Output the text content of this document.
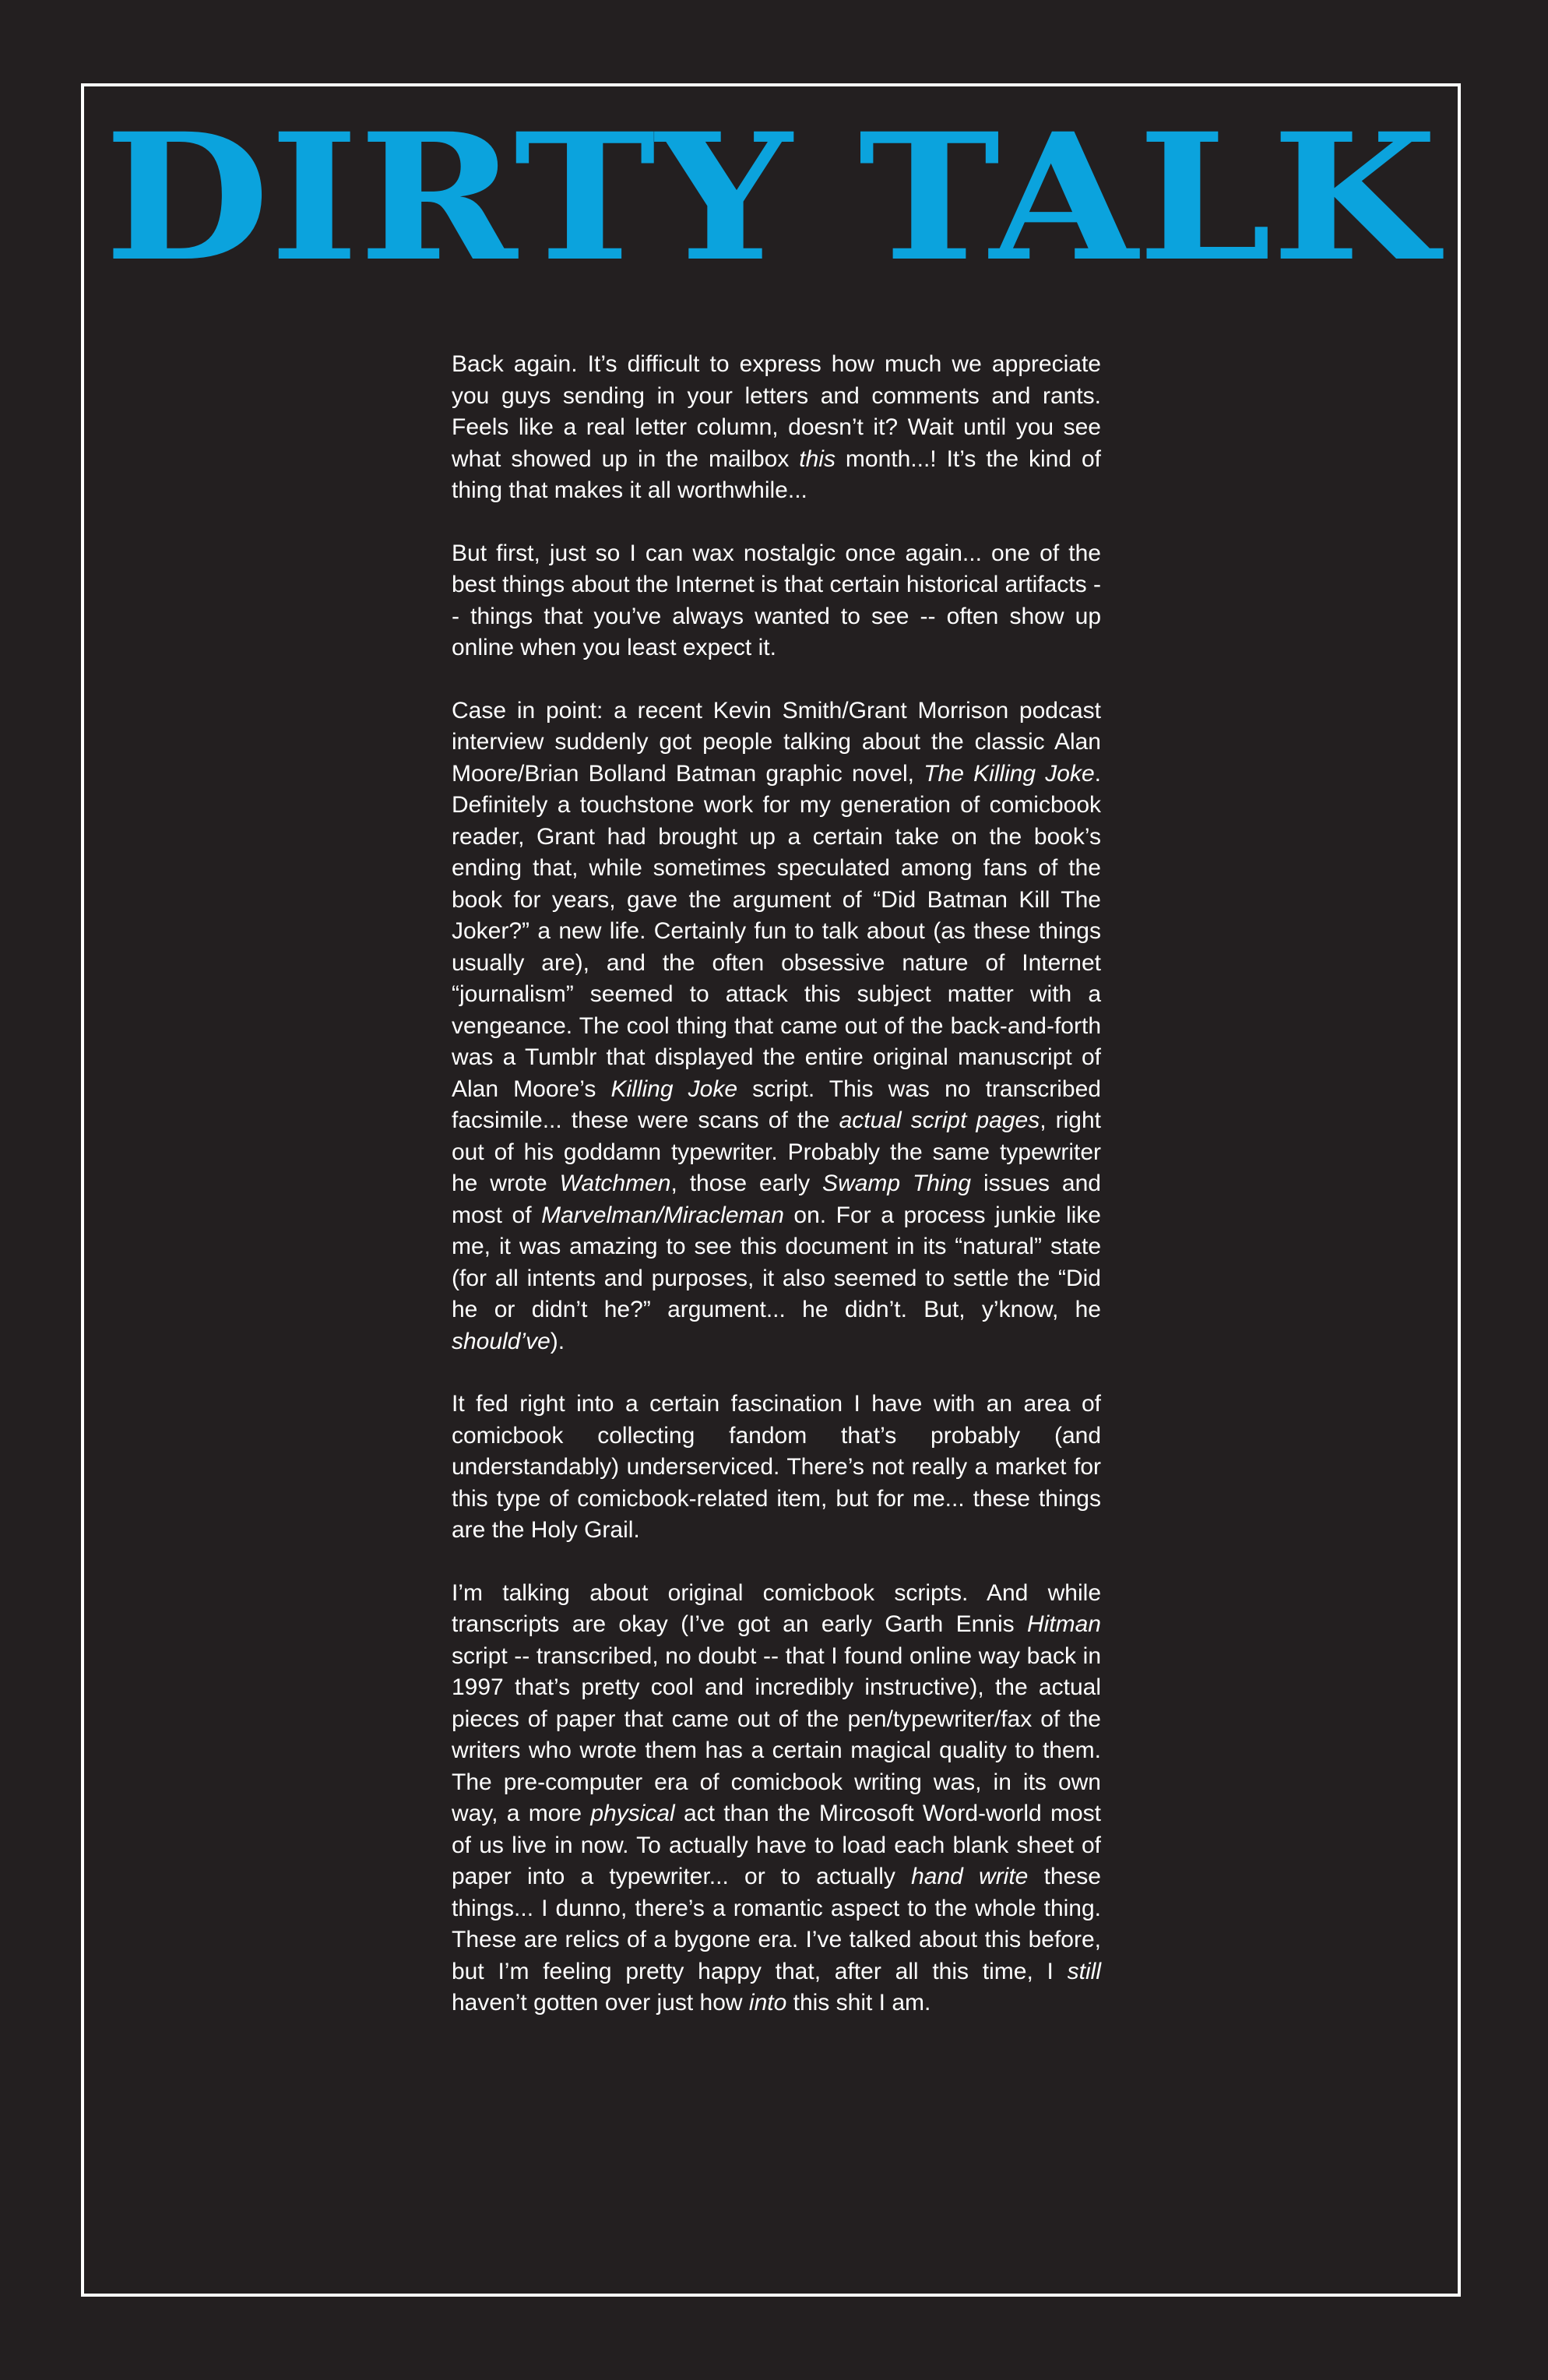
DIRTY TALK

Back again. It’s difficult to express how much we appreciate you guys sending in your letters and comments and rants. Feels like a real letter column, doesn’t it? Wait until you see what showed up in the mailbox this month...! It’s the kind of thing that makes it all worthwhile...

But first, just so I can wax nostalgic once again... one of the best things about the Internet is that certain historical artifacts -- things that you’ve always wanted to see -- often show up online when you least expect it.

Case in point: a recent Kevin Smith/Grant Morrison podcast interview suddenly got people talking about the classic Alan Moore/Brian Bolland Batman graphic novel, The Killing Joke. Definitely a touchstone work for my generation of comicbook reader, Grant had brought up a certain take on the book’s ending that, while sometimes speculated among fans of the book for years, gave the argument of “Did Batman Kill The Joker?” a new life. Certainly fun to talk about (as these things usually are), and the often obsessive nature of Internet “journalism” seemed to attack this subject matter with a vengeance. The cool thing that came out of the back-and-forth was a Tumblr that displayed the entire original manuscript of Alan Moore’s Killing Joke script. This was no transcribed facsimile... these were scans of the actual script pages, right out of his goddamn typewriter. Probably the same typewriter he wrote Watchmen, those early Swamp Thing issues and most of Marvelman/Miracleman on. For a process junkie like me, it was amazing to see this document in its “natural” state (for all intents and purposes, it also seemed to settle the “Did he or didn’t he?” argument... he didn’t. But, y’know, he should’ve).

It fed right into a certain fascination I have with an area of comicbook collecting fandom that’s probably (and understandably) underserviced. There’s not really a market for this type of comicbook-related item, but for me... these things are the Holy Grail.

I’m talking about original comicbook scripts. And while transcripts are okay (I’ve got an early Garth Ennis Hitman script -- transcribed, no doubt -- that I found online way back in 1997 that’s pretty cool and incredibly instructive), the actual pieces of paper that came out of the pen/typewriter/fax of the writers who wrote them has a certain magical quality to them. The pre-computer era of comicbook writing was, in its own way, a more physical act than the Mircosoft Word-world most of us live in now. To actually have to load each blank sheet of paper into a typewriter... or to actually hand write these things... I dunno, there’s a romantic aspect to the whole thing. These are relics of a bygone era. I’ve talked about this before, but I’m feeling pretty happy that, after all this time, I still haven’t gotten over just how into this shit I am.
